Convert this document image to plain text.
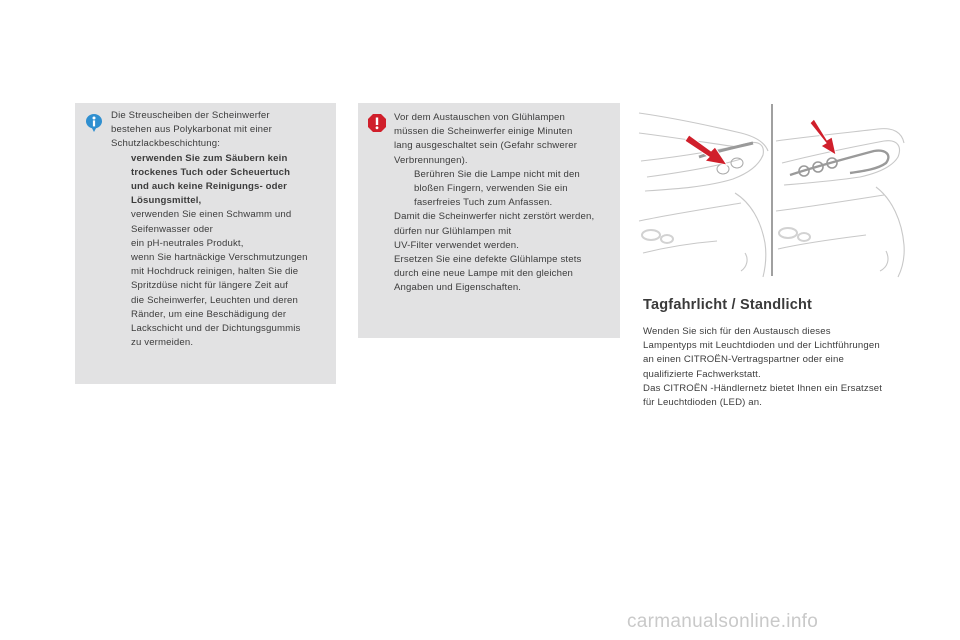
Die Streuscheiben der Scheinwerfer

bestehen aus Polykarbonat mit einer

Schutzlackbeschichtung:

verwenden Sie zum Säubern kein

trockenes Tuch oder Scheuertuch

und auch keine Reinigungs- oder

Lösungsmittel,

verwenden Sie einen Schwamm und

Seifenwasser oder

ein pH-neutrales Produkt,

wenn Sie hartnäckige Verschmutzungen

mit Hochdruck reinigen, halten Sie die

Spritzdüse nicht für längere Zeit auf

die Scheinwerfer, Leuchten und deren

Ränder, um eine Beschädigung der

Lackschicht und der Dichtungsgummis

zu vermeiden.

Vor dem Austauschen von Glühlampen

müssen die Scheinwerfer einige Minuten

lang ausgeschaltet sein (Gefahr schwerer

Verbrennungen).

Berühren Sie die Lampe nicht mit den

bloßen Fingern, verwenden Sie ein

faserfreies Tuch zum Anfassen.

Damit die Scheinwerfer nicht zerstört werden,

dürfen nur Glühlampen mit

UV-Filter verwendet werden.

Ersetzen Sie eine defekte Glühlampe stets

durch eine neue Lampe mit den gleichen

Angaben und Eigenschaften.

Tagfahrlicht / Standlicht

Wenden Sie sich für den Austausch dieses

Lampentyps mit Leuchtdioden und der Lichtführungen

an einen CITROËN-Vertragspartner oder eine

qualifizierte Fachwerkstatt.

Das CITROËN -Händlernetz bietet Ihnen ein Ersatzset

für Leuchtdioden (LED) an.

carmanualsonline.info
